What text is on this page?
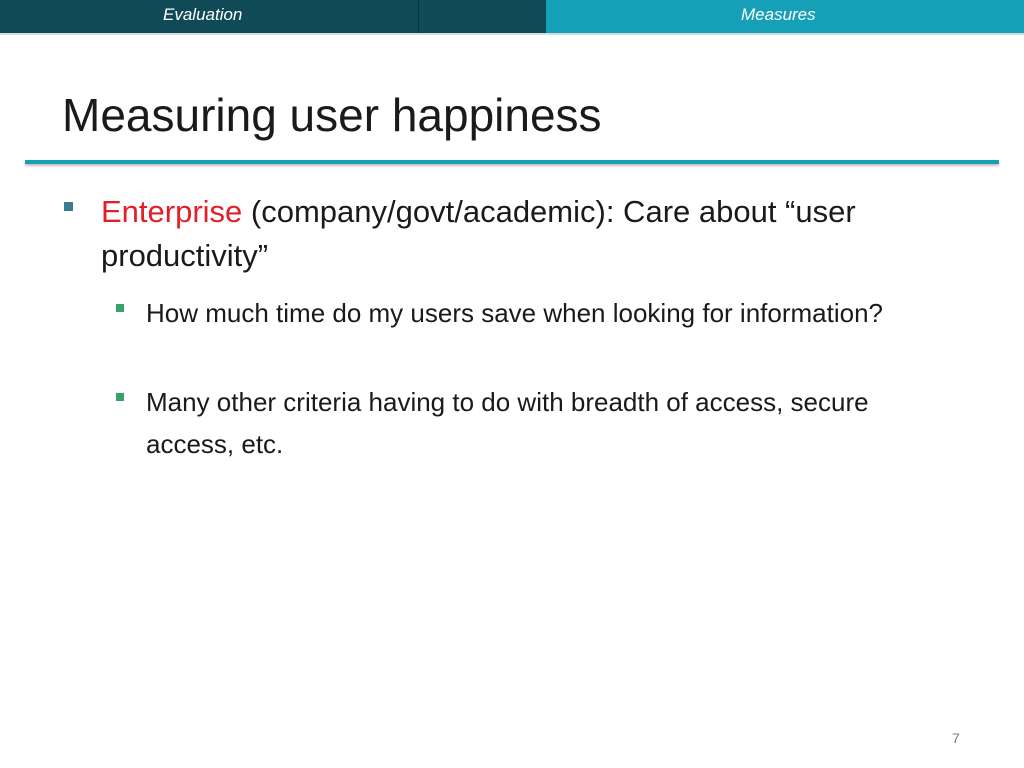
Evaluation	Measures
Measuring user happiness
Enterprise (company/govt/academic): Care about “user productivity”
How much time do my users save when looking for information?
Many other criteria having to do with breadth of access, secure access, etc.
7
